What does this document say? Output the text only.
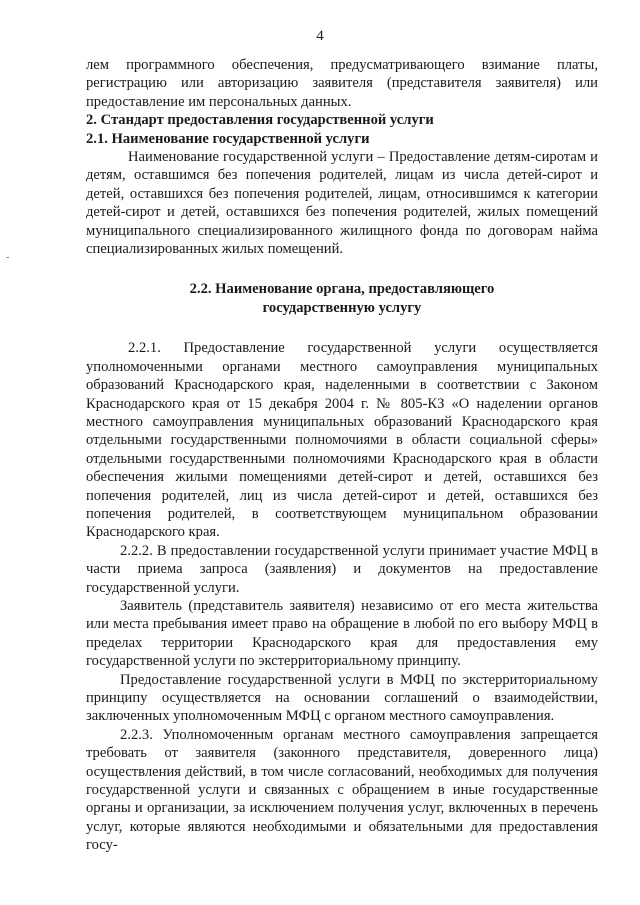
4
-

лем программного обеспечения, предусматривающего взимание платы, регистрацию или авторизацию заявителя (представителя заявителя) или предоставление им персональных данных.

2. Стандарт предоставления государственной услуги

2.1. Наименование государственной услуги

Наименование государственной услуги – Предоставление детям-сиротам и детям, оставшимся без попечения родителей, лицам из числа детей-сирот и детей, оставшихся без попечения родителей, лицам, относившимся к категории детей-сирот и детей, оставшихся без попечения родителей, жилых помещений муниципального специализированного жилищного фонда по договорам найма специализированных жилых помещений.

2.2. Наименование органа, предоставляющего
государственную услугу

2.2.1. Предоставление государственной услуги осуществляется уполномоченными органами местного самоуправления муниципальных образований Краснодарского края, наделенными в соответствии с Законом Краснодарского края от 15 декабря 2004 г. № 805-КЗ «О наделении органов местного самоуправления муниципальных образований Краснодарского края отдельными государственными полномочиями в области социальной сферы» отдельными государственными полномочиями Краснодарского края в области обеспечения жилыми помещениями детей-сирот и детей, оставшихся без попечения родителей, лиц из числа детей-сирот и детей, оставшихся без попечения родителей, в соответствующем муниципальном образовании Краснодарского края.

2.2.2. В предоставлении государственной услуги принимает участие МФЦ в части приема запроса (заявления) и документов на предоставление государственной услуги.

Заявитель (представитель заявителя) независимо от его места жительства или места пребывания имеет право на обращение в любой по его выбору МФЦ в пределах территории Краснодарского края для предоставления ему государственной услуги по экстерриториальному принципу.

Предоставление государственной услуги в МФЦ по экстерриториальному принципу осуществляется на основании соглашений о взаимодействии, заключенных уполномоченным МФЦ с органом местного самоуправления.

2.2.3. Уполномоченным органам местного самоуправления запрещается требовать от заявителя (законного представителя, доверенного лица) осуществления действий, в том числе согласований, необходимых для получения государственной услуги и связанных с обращением в иные государственные органы и организации, за исключением получения услуг, включенных в перечень услуг, которые являются необходимыми и обязательными для предоставления госу-
